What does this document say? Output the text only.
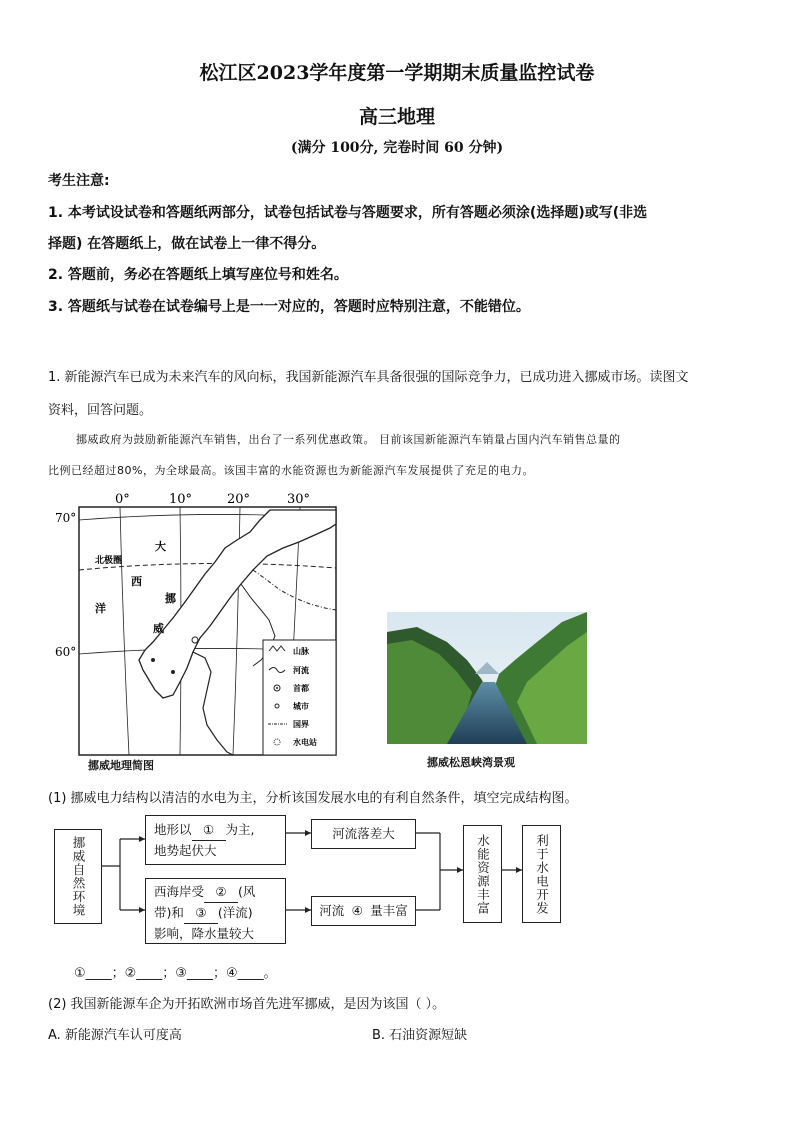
松江区2023学年度第一学期期末质量监控试卷
高三地理
(满分 100分, 完卷时间 60 分钟)
考生注意:
1. 本考试设试卷和答题纸两部分，试卷包括试卷与答题要求，所有答题必须涂(选择题)或写(非选
择题) 在答题纸上，做在试卷上一律不得分。
2. 答题前，务必在答题纸上填写座位号和姓名。
3. 答题纸与试卷在试卷编号上是一一对应的，答题时应特别注意，不能错位。
1. 新能源汽车已成为未来汽车的风向标，我国新能源汽车具备很强的国际竞争力，已成功进入挪威市场。读图文
资料，回答问题。
挪威政府为鼓励新能源汽车销售，出台了一系列优惠政策。 目前该国新能源汽车销量占国内汽车销售总量的
比例已经超过80%，为全球最高。该国丰富的水能资源也为新能源汽车发展提供了充足的电力。
0°	10°	20°	30°
70°
60°
北极圈
大
西
洋
挪
威
山脉
河流
首都
城市
国界
水电站
挪威地理简图	挪威松恩峡湾景观
(1) 挪威电力结构以清洁的水电为主，分析该国发展水电的有利自然条件，填空完成结构图。
挪威自然环境
地形以 ① 为主,
地势起伏大
西海岸受 ② (风
带)和 ③ (洋流)
影响，降水量较大
河流落差大
河流 ④ 量丰富	水能资源丰富	利于水电开发
①____；②____；③____；④____。
(2) 我国新能源车企为开拓欧洲市场首先进军挪威，是因为该国（ ）。
A. 新能源汽车认可度高	B. 石油资源短缺
